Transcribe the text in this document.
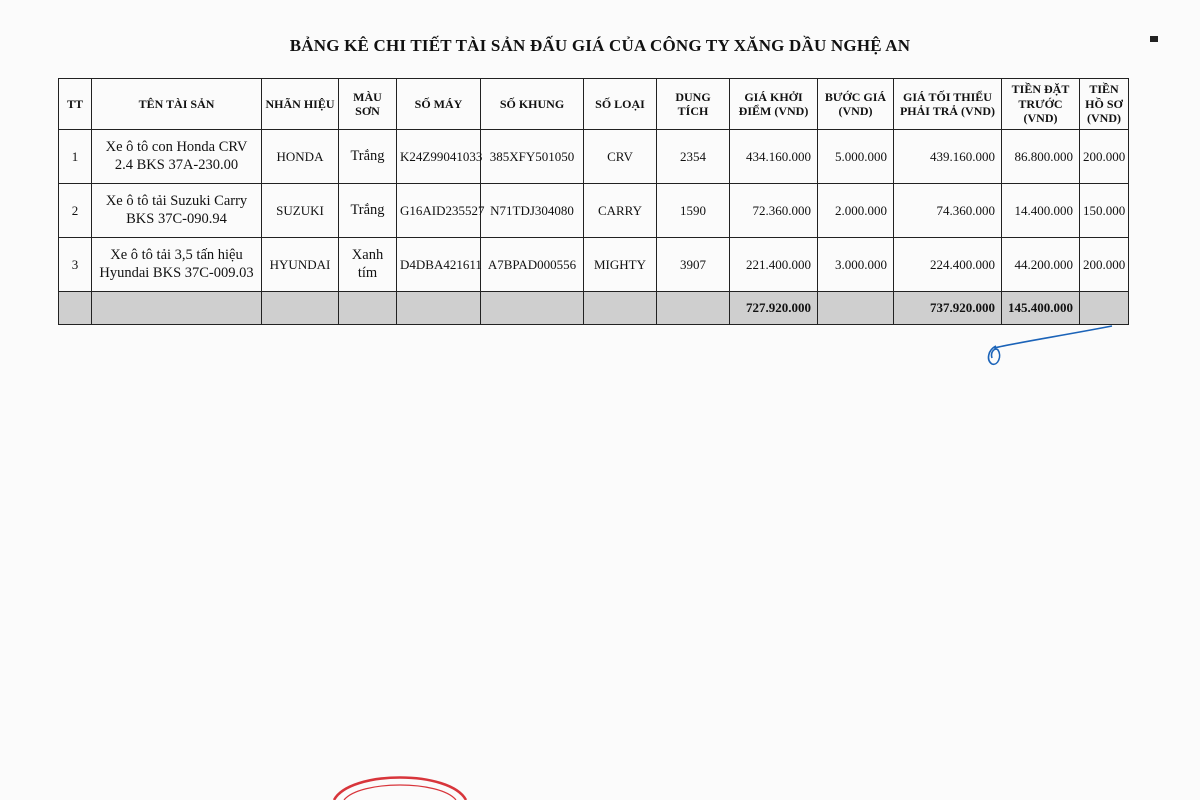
BẢNG KÊ CHI TIẾT TÀI SẢN ĐẤU GIÁ CỦA CÔNG TY XĂNG DẦU NGHỆ AN
TT	TÊN TÀI SẢN	NHÃN HIỆU	MÀU SƠN	SỐ MÁY	SỐ KHUNG	SỐ LOẠI	DUNG TÍCH	GIÁ KHỞI ĐIỂM (VND)	BƯỚC GIÁ (VND)	GIÁ TỐI THIỂU PHẢI TRẢ (VND)	TIỀN ĐẶT TRƯỚC (VND)	TIỀN HỒ SƠ (VND)
1	Xe ô tô con Honda CRV 2.4 BKS 37A-230.00	HONDA	Trắng	K24Z99041033	385XFY501050	CRV	2354	434.160.000	5.000.000	439.160.000	86.800.000	200.000
2	Xe ô tô tải Suzuki Carry BKS 37C-090.94	SUZUKI	Trắng	G16AID235527	N71TDJ304080	CARRY	1590	72.360.000	2.000.000	74.360.000	14.400.000	150.000
3	Xe ô tô tải 3,5 tấn hiệu Hyundai BKS 37C-009.03	HYUNDAI	Xanh tím	D4DBA421611	A7BPAD000556	MIGHTY	3907	221.400.000	3.000.000	224.400.000	44.200.000	200.000
								727.920.000		737.920.000	145.400.000	
